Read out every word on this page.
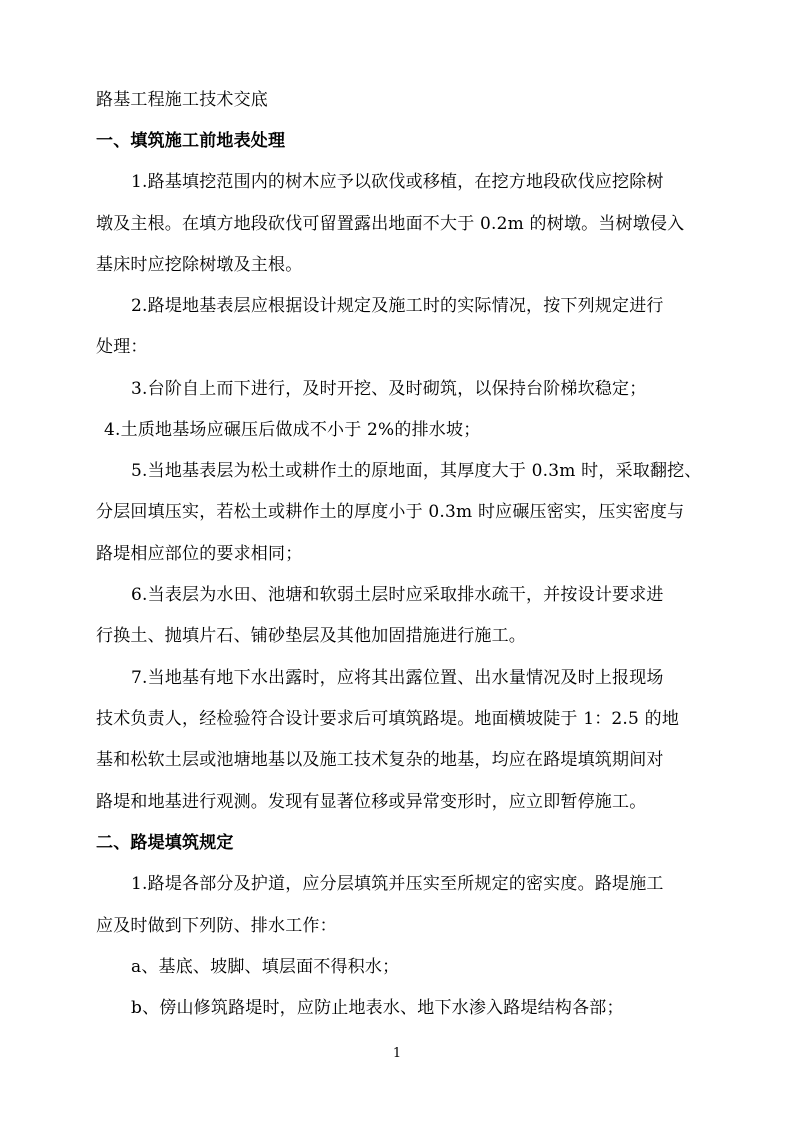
路基工程施工技术交底
一、填筑施工前地表处理
1.路基填挖范围内的树木应予以砍伐或移植，在挖方地段砍伐应挖除树
墩及主根。在填方地段砍伐可留置露出地面不大于 0.2m 的树墩。当树墩侵入
基床时应挖除树墩及主根。
2.路堤地基表层应根据设计规定及施工时的实际情况，按下列规定进行
处理：
3.台阶自上而下进行，及时开挖、及时砌筑，以保持台阶梯坎稳定；
4.土质地基场应碾压后做成不小于 2%的排水坡；
5.当地基表层为松土或耕作土的原地面，其厚度大于 0.3m 时，采取翻挖、
分层回填压实，若松土或耕作土的厚度小于 0.3m 时应碾压密实，压实密度与
路堤相应部位的要求相同；
6.当表层为水田、池塘和软弱土层时应采取排水疏干，并按设计要求进
行换土、抛填片石、铺砂垫层及其他加固措施进行施工。
7.当地基有地下水出露时，应将其出露位置、出水量情况及时上报现场
技术负责人，经检验符合设计要求后可填筑路堤。地面横坡陡于 1：2.5 的地
基和松软土层或池塘地基以及施工技术复杂的地基，均应在路堤填筑期间对
路堤和地基进行观测。发现有显著位移或异常变形时，应立即暂停施工。
二、路堤填筑规定
1.路堤各部分及护道，应分层填筑并压实至所规定的密实度。路堤施工
应及时做到下列防、排水工作：
a、基底、坡脚、填层面不得积水；
b、傍山修筑路堤时，应防止地表水、地下水渗入路堤结构各部；
1
